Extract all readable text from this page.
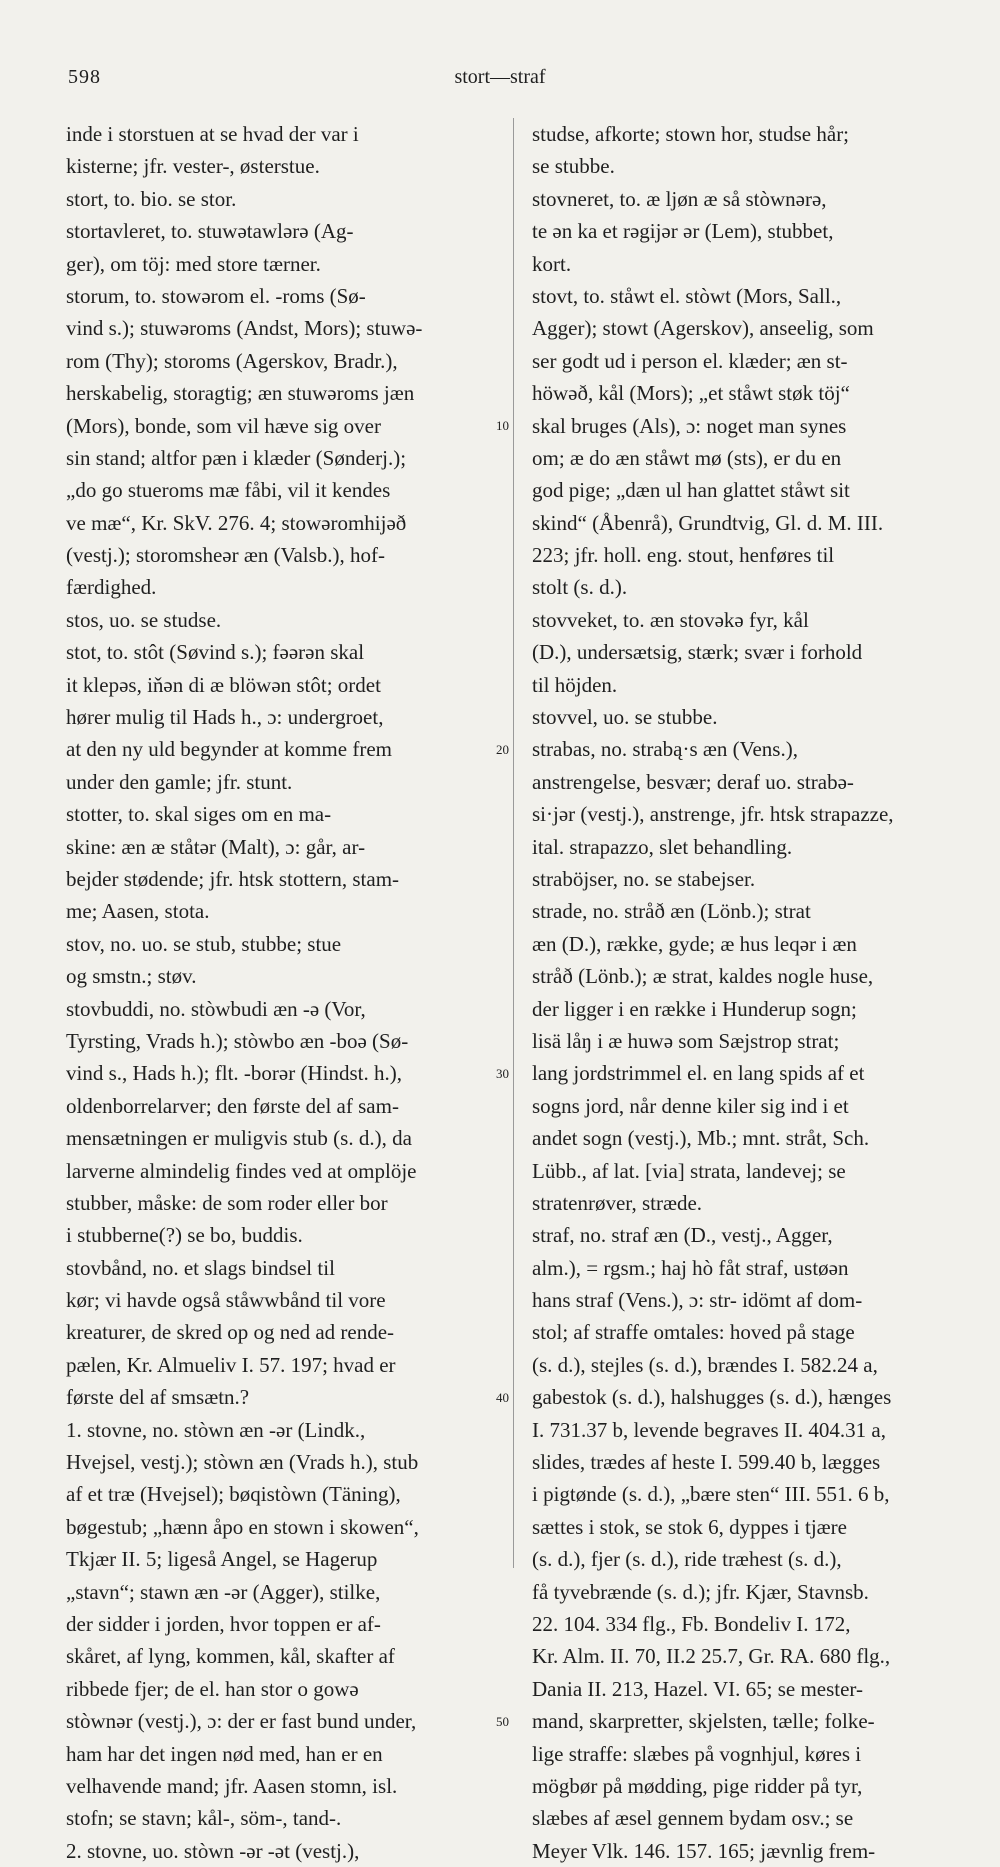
598	stort—straf
inde i storstuen at se hvad der var i
kisterne; jfr. vester-, østerstue.
stort, to. bio. se stor.
stortavleret, to. stuwətawlərə (Ag-
ger), om töj: med store tærner.
storum, to. stowərom el. -roms (Sø-
vind s.); stuwəroms (Andst, Mors); stuwə-
rom (Thy); storoms (Agerskov, Bradr.),
herskabelig, storagtig; æn stuwəroms jæn
(Mors), bonde, som vil hæve sig over
sin stand; altfor pæn i klæder (Sønderj.);
„do go stueroms mæ fåbi, vil it kendes
ve mæ“, Kr. SkV. 276. 4; stowəromhijəð
(vestj.); storomsheər æn (Valsb.), hof-
færdighed.
stos, uo. se studse.
stot, to. stôt (Søvind s.); fəərən skal
it klepəs, iňən di æ blöwən stôt; ordet
hører mulig til Hads h., ɔ: undergroet,
at den ny uld begynder at komme frem
under den gamle; jfr. stunt.
stotter, to. skal siges om en ma-
skine: æn æ ståtər (Malt), ɔ: går, ar-
bejder stødende; jfr. htsk stottern, stam-
me; Aasen, stota.
stov, no. uo. se stub, stubbe; stue
og smstn.; støv.
stovbuddi, no. stòwbudi æn -ə (Vor,
Tyrsting, Vrads h.); stòwbo æn -boə (Sø-
vind s., Hads h.); flt. -borər (Hindst. h.),
oldenborrelarver; den første del af sam-
mensætningen er muligvis stub (s. d.), da
larverne almindelig findes ved at omplöje
stubber, måske: de som roder eller bor
i stubberne(?) se bo, buddis.
stovbånd, no. et slags bindsel til
kør; vi havde også ståwwbånd til vore
kreaturer, de skred op og ned ad rende-
pælen, Kr. Almueliv I. 57. 197; hvad er
første del af smsætn.?
1. stovne, no. stòwn æn -ər (Lindk.,
Hvejsel, vestj.); stòwn æn (Vrads h.), stub
af et træ (Hvejsel); bøqistòwn (Täning),
bøgestub; „hænn åpo en stown i skowen“,
Tkjær II. 5; ligeså Angel, se Hagerup
„stavn“; stawn æn -ər (Agger), stilke,
der sidder i jorden, hvor toppen er af-
skåret, af lyng, kommen, kål, skafter af
ribbede fjer; de el. han stor o gowə
stòwnər (vestj.), ɔ: der er fast bund under,
ham har det ingen nød med, han er en
velhavende mand; jfr. Aasen stomn, isl.
stofn; se stavn; kål-, söm-, tand-.
2. stovne, uo. stòwn -ər -ət (vestj.),
studse, afkorte; stown hor, studse hår;
se stubbe.
stovneret, to. æ ljøn æ så stòwnərə,
te ən ka et rəgijər ər (Lem), stubbet,
kort.
stovt, to. ståwt el. stòwt (Mors, Sall.,
Agger); stowt (Agerskov), anseelig, som
ser godt ud i person el. klæder; æn st-
höwəð, kål (Mors); „et ståwt støk töj“
skal bruges (Als), ɔ: noget man synes
om; æ do æn ståwt mø (sts), er du en
god pige; „dæn ul han glattet ståwt sit
skind“ (Åbenrå), Grundtvig, Gl. d. M. III.
223; jfr. holl. eng. stout, henføres til
stolt (s. d.).
stovveket, to. æn stovəkə fyr, kål
(D.), undersætsig, stærk; svær i forhold
til höjden.
stovvel, uo. se stubbe.
strabas, no. strabą·s æn (Vens.),
anstrengelse, besvær; deraf uo. strabə-
si·jər (vestj.), anstrenge, jfr. htsk strapazze,
ital. strapazzo, slet behandling.
straböjser, no. se stabejser.
strade, no. stråð æn (Lönb.); strat
æn (D.), række, gyde; æ hus leqər i æn
stråð (Lönb.); æ strat, kaldes nogle huse,
der ligger i en række i Hunderup sogn;
lisä låŋ i æ huwə som Sæjstrop strat;
lang jordstrimmel el. en lang spids af et
sogns jord, når denne kiler sig ind i et
andet sogn (vestj.), Mb.; mnt. stråt, Sch.
Lübb., af lat. [via] strata, landevej; se
stratenrøver, stræde.
straf, no. straf æn (D., vestj., Agger,
alm.), = rgsm.; haj hò fåt straf, ustøən
hans straf (Vens.), ɔ: str- idömt af dom-
stol; af straffe omtales: hoved på stage
(s. d.), stejles (s. d.), brændes I. 582.24 a,
gabestok (s. d.), halshugges (s. d.), hænges
I. 731.37 b, levende begraves II. 404.31 a,
slides, trædes af heste I. 599.40 b, lægges
i pigtønde (s. d.), „bære sten“ III. 551. 6 b,
sættes i stok, se stok 6, dyppes i tjære
(s. d.), fjer (s. d.), ride træhest (s. d.),
få tyvebrænde (s. d.); jfr. Kjær, Stavnsb.
22. 104. 334 flg., Fb. Bondeliv I. 172,
Kr. Alm. II. 70, II.2 25.7, Gr. RA. 680 flg.,
Dania II. 213, Hazel. VI. 65; se mester-
mand, skarpretter, skjelsten, tælle; folke-
lige straffe: slæbes på vognhjul, køres i
mögbør på mødding, pige ridder på tyr,
slæbes af æsel gennem bydam osv.; se
Meyer Vlk. 146. 157. 165; jævnlig frem-
10
20
30
40
50
